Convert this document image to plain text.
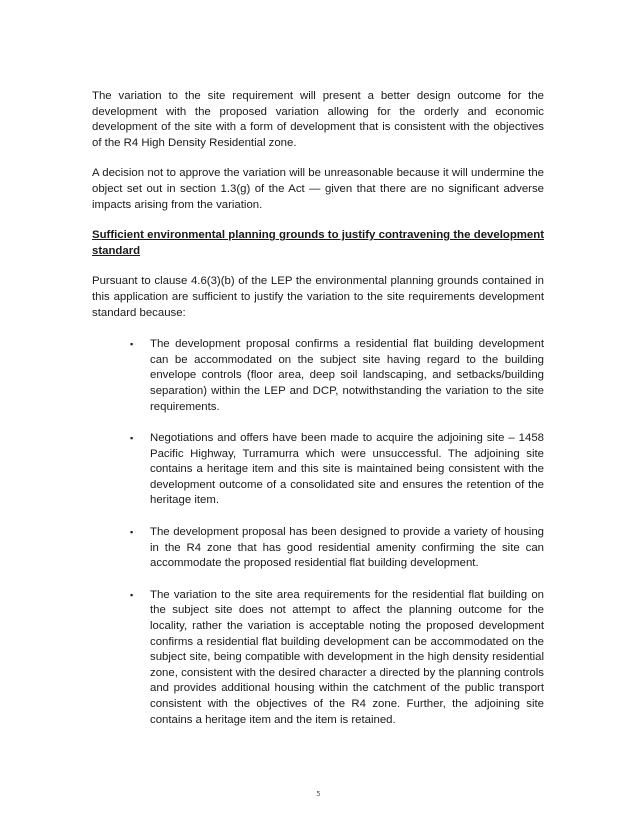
The variation to the site requirement will present a better design outcome for the development with the proposed variation allowing for the orderly and economic development of the site with a form of development that is consistent with the objectives of the R4 High Density Residential zone.

A decision not to approve the variation will be unreasonable because it will undermine the object set out in section 1.3(g) of the Act — given that there are no significant adverse impacts arising from the variation.

Sufficient environmental planning grounds to justify contravening the development standard

Pursuant to clause 4.6(3)(b) of the LEP the environmental planning grounds contained in this application are sufficient to justify the variation to the site requirements development standard because:

▪ The development proposal confirms a residential flat building development can be accommodated on the subject site having regard to the building envelope controls (floor area, deep soil landscaping, and setbacks/building separation) within the LEP and DCP, notwithstanding the variation to the site requirements.
▪ Negotiations and offers have been made to acquire the adjoining site – 1458 Pacific Highway, Turramurra which were unsuccessful. The adjoining site contains a heritage item and this site is maintained being consistent with the development outcome of a consolidated site and ensures the retention of the heritage item.
▪ The development proposal has been designed to provide a variety of housing in the R4 zone that has good residential amenity confirming the site can accommodate the proposed residential flat building development.
▪ The variation to the site area requirements for the residential flat building on the subject site does not attempt to affect the planning outcome for the locality, rather the variation is acceptable noting the proposed development confirms a residential flat building development can be accommodated on the subject site, being compatible with development in the high density residential zone, consistent with the desired character a directed by the planning controls and provides additional housing within the catchment of the public transport consistent with the objectives of the R4 zone. Further, the adjoining site contains a heritage item and the item is retained.
5
